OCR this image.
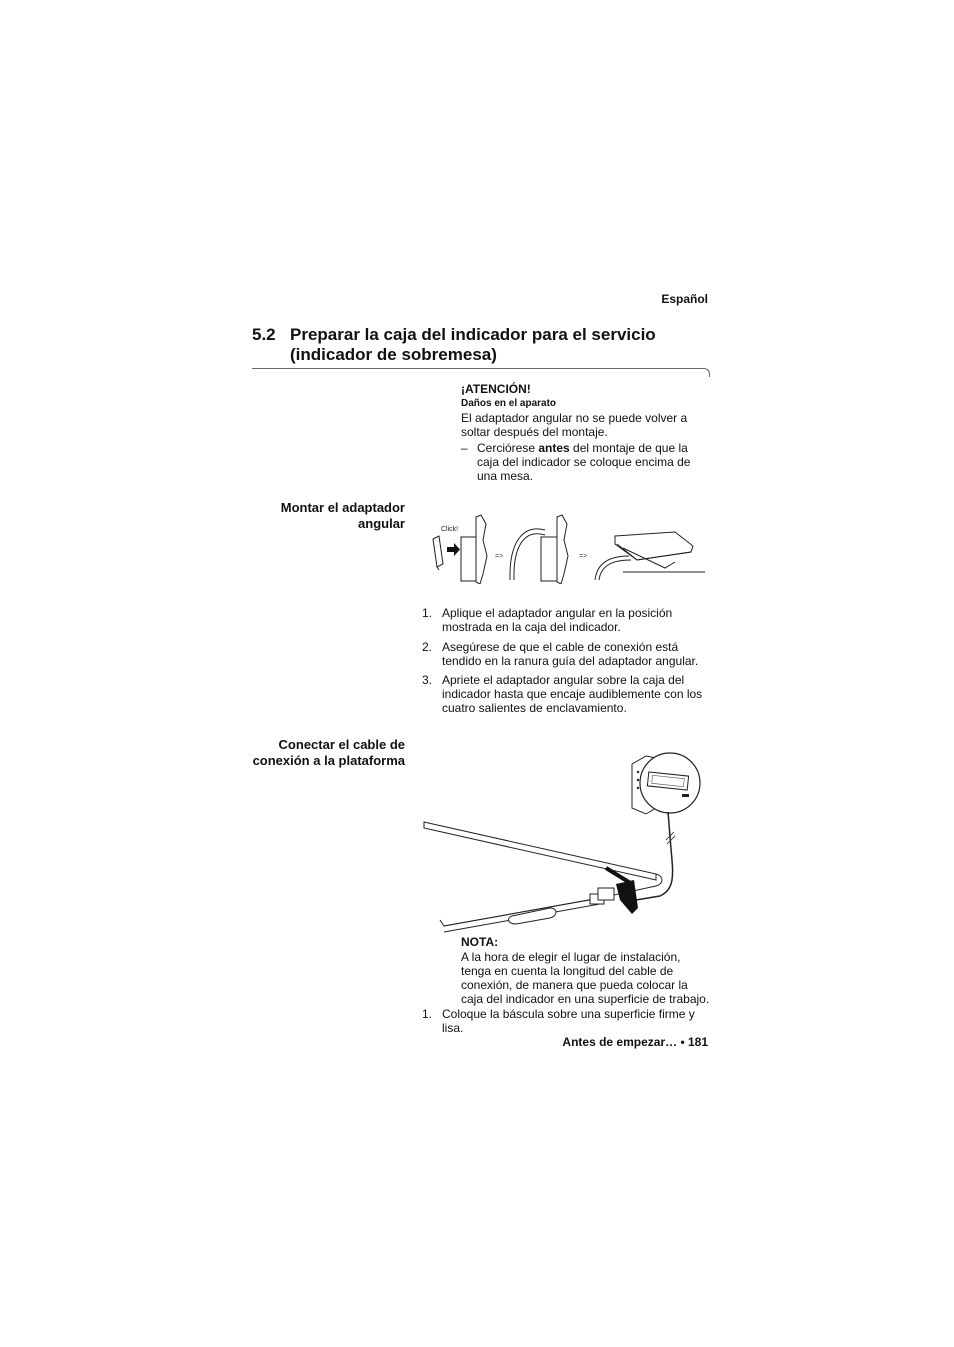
Español
5.2 Preparar la caja del indicador para el servicio (indicador de sobremesa)
¡ATENCIÓN!
Daños en el aparato
El adaptador angular no se puede volver a soltar después del montaje.
– Cerciórese antes del montaje de que la caja del indicador se coloque encima de una mesa.
Montar el adaptador angular	Click!
=>	=>
1. Aplique el adaptador angular en la posición mostrada en la caja del indicador.
2. Asegúrese de que el cable de conexión está tendido en la ranura guía del adaptador angular.
3. Apriete el adaptador angular sobre la caja del indicador hasta que encaje audiblemente con los cuatro salientes de enclavamiento.
Conectar el cable de conexión a la plataforma
NOTA:
A la hora de elegir el lugar de instalación, tenga en cuenta la longitud del cable de conexión, de manera que pueda colocar la caja del indicador en una superficie de trabajo.
1. Coloque la báscula sobre una superficie firme y lisa.
Antes de empezar… • 181
